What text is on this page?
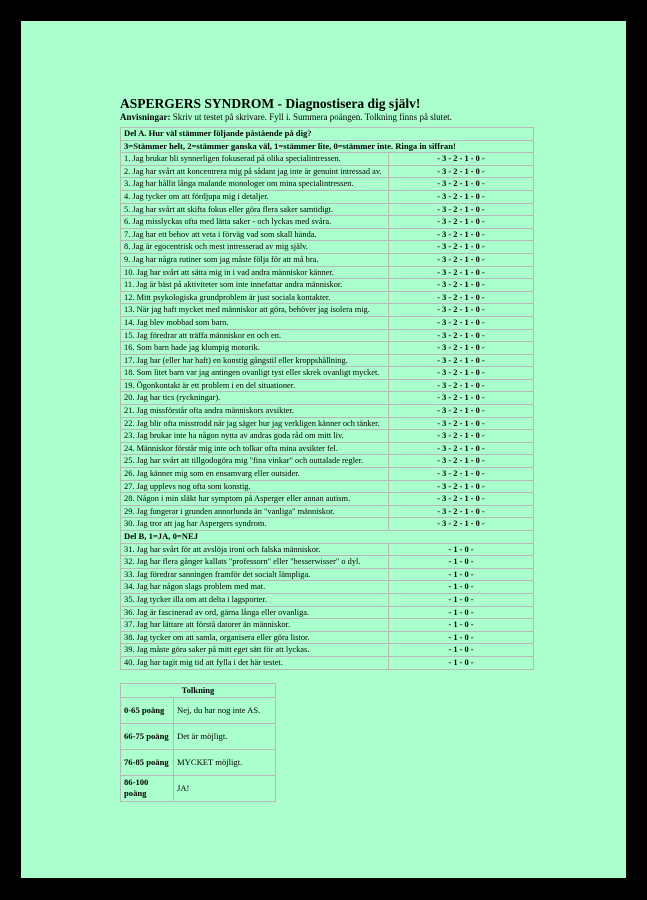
ASPERGERS SYNDROM - Diagnostisera dig själv!
Anvisningar: Skriv ut testet på skrivare. Fyll i. Summera poängen. Tolkning finns på slutet.
Del A. Hur väl stämmer följande påstående på dig?	
3=Stämmer helt, 2=stämmer ganska väl, 1=stämmer lite, 0=stämmer inte. Ringa in siffran!	
1. Jag brukar bli synnerligen fokuserad på olika specialintressen.	- 3 - 2 - 1 - 0 -
2. Jag har svårt att koncentrera mig på sådant jag inte är genuint intressad av.	- 3 - 2 - 1 - 0 -
3. Jag har hållit långa malande monologer om mina specialintressen.	- 3 - 2 - 1 - 0 -
4. Jag tycker om att fördjupa mig i detaljer.	- 3 - 2 - 1 - 0 -
5. Jag har svårt att skifta fokus eller göra flera saker samtidigt.	- 3 - 2 - 1 - 0 -
6. Jag misslyckas ofta med lätta saker - och lyckas med svåra.	- 3 - 2 - 1 - 0 -
7. Jag har ett behov att veta i förväg vad som skall hända.	- 3 - 2 - 1 - 0 -
8. Jag är egocentrisk och mest intresserad av mig själv.	- 3 - 2 - 1 - 0 -
9. Jag har några rutiner som jag måste följa för att må bra.	- 3 - 2 - 1 - 0 -
10. Jag har svårt att sätta mig in i vad andra människor känner.	- 3 - 2 - 1 - 0 -
11. Jag är bäst på aktiviteter som inte innefattar andra människor.	- 3 - 2 - 1 - 0 -
12. Mitt psykologiska grundproblem är just sociala kontakter.	- 3 - 2 - 1 - 0 -
13. När jag haft mycket med människor att göra, behöver jag isolera mig.	- 3 - 2 - 1 - 0 -
14. Jag blev mobbad som barn.	- 3 - 2 - 1 - 0 -
15. Jag föredrar att träffa människor en och en.	- 3 - 2 - 1 - 0 -
16. Som barn hade jag klumpig motorik.	- 3 - 2 - 1 - 0 -
17. Jag har (eller har haft) en konstig gångstil eller kroppshållning.	- 3 - 2 - 1 - 0 -
18. Som litet barn var jag antingen ovanligt tyst eller skrek ovanligt mycket.	- 3 - 2 - 1 - 0 -
19. Ögonkontakt är ett problem i en del situationer.	- 3 - 2 - 1 - 0 -
20. Jag har tics (ryckningar).	- 3 - 2 - 1 - 0 -
21. Jag missförstår ofta andra människors avsikter.	- 3 - 2 - 1 - 0 -
22. Jag blir ofta misstrodd när jag säger hur jag verkligen känner och tänker.	- 3 - 2 - 1 - 0 -
23. Jag brukar inte ha någon nytta av andras goda råd om mitt liv.	- 3 - 2 - 1 - 0 -
24. Människor förstår mig inte och tolkar ofta mina avsikter fel.	- 3 - 2 - 1 - 0 -
25. Jag har svårt att tillgodogöra mig "fina vinkar" och outtalade regler.	- 3 - 2 - 1 - 0 -
26. Jag känner mig som en ensamvarg eller outsider.	- 3 - 2 - 1 - 0 -
27. Jag upplevs nog ofta som konstig.	- 3 - 2 - 1 - 0 -
28. Någon i min släkt har symptom på Asperger eller annan autism.	- 3 - 2 - 1 - 0 -
29. Jag fungerar i grunden annorlunda än "vanliga" människor.	- 3 - 2 - 1 - 0 -
30. Jag tror att jag har Aspergers syndrom.	- 3 - 2 - 1 - 0 -
Del B, 1=JA, 0=NEJ	
31. Jag har svårt för att avslöja ironi och falska människor.	- 1 - 0 -
32. Jag har flera gånger kallats "professorn" eller "besserwisser" o dyl.	- 1 - 0 -
33. Jag föredrar sanningen framför det socialt lämpliga.	- 1 - 0 -
34. Jag har någon slags problem med mat.	- 1 - 0 -
35. Jag tycker illa om att delta i lagsporter.	- 1 - 0 -
36. Jag är fascinerad av ord, gärna långa eller ovanliga.	- 1 - 0 -
37. Jag har lättare att förstå datorer än människor.	- 1 - 0 -
38. Jag tycker om att samla, organisera eller göra listor.	- 1 - 0 -
39. Jag måste göra saker på mitt eget sätt för att lyckas.	- 1 - 0 -
40. Jag har tagit mig tid att fylla i det här testet.	- 1 - 0 -
Tolkning	
0-65 poäng	Nej, du har nog inte AS.
66-75 poäng	Det är möjligt.
76-85 poäng	MYCKET möjligt.
86-100 poäng	JA!
